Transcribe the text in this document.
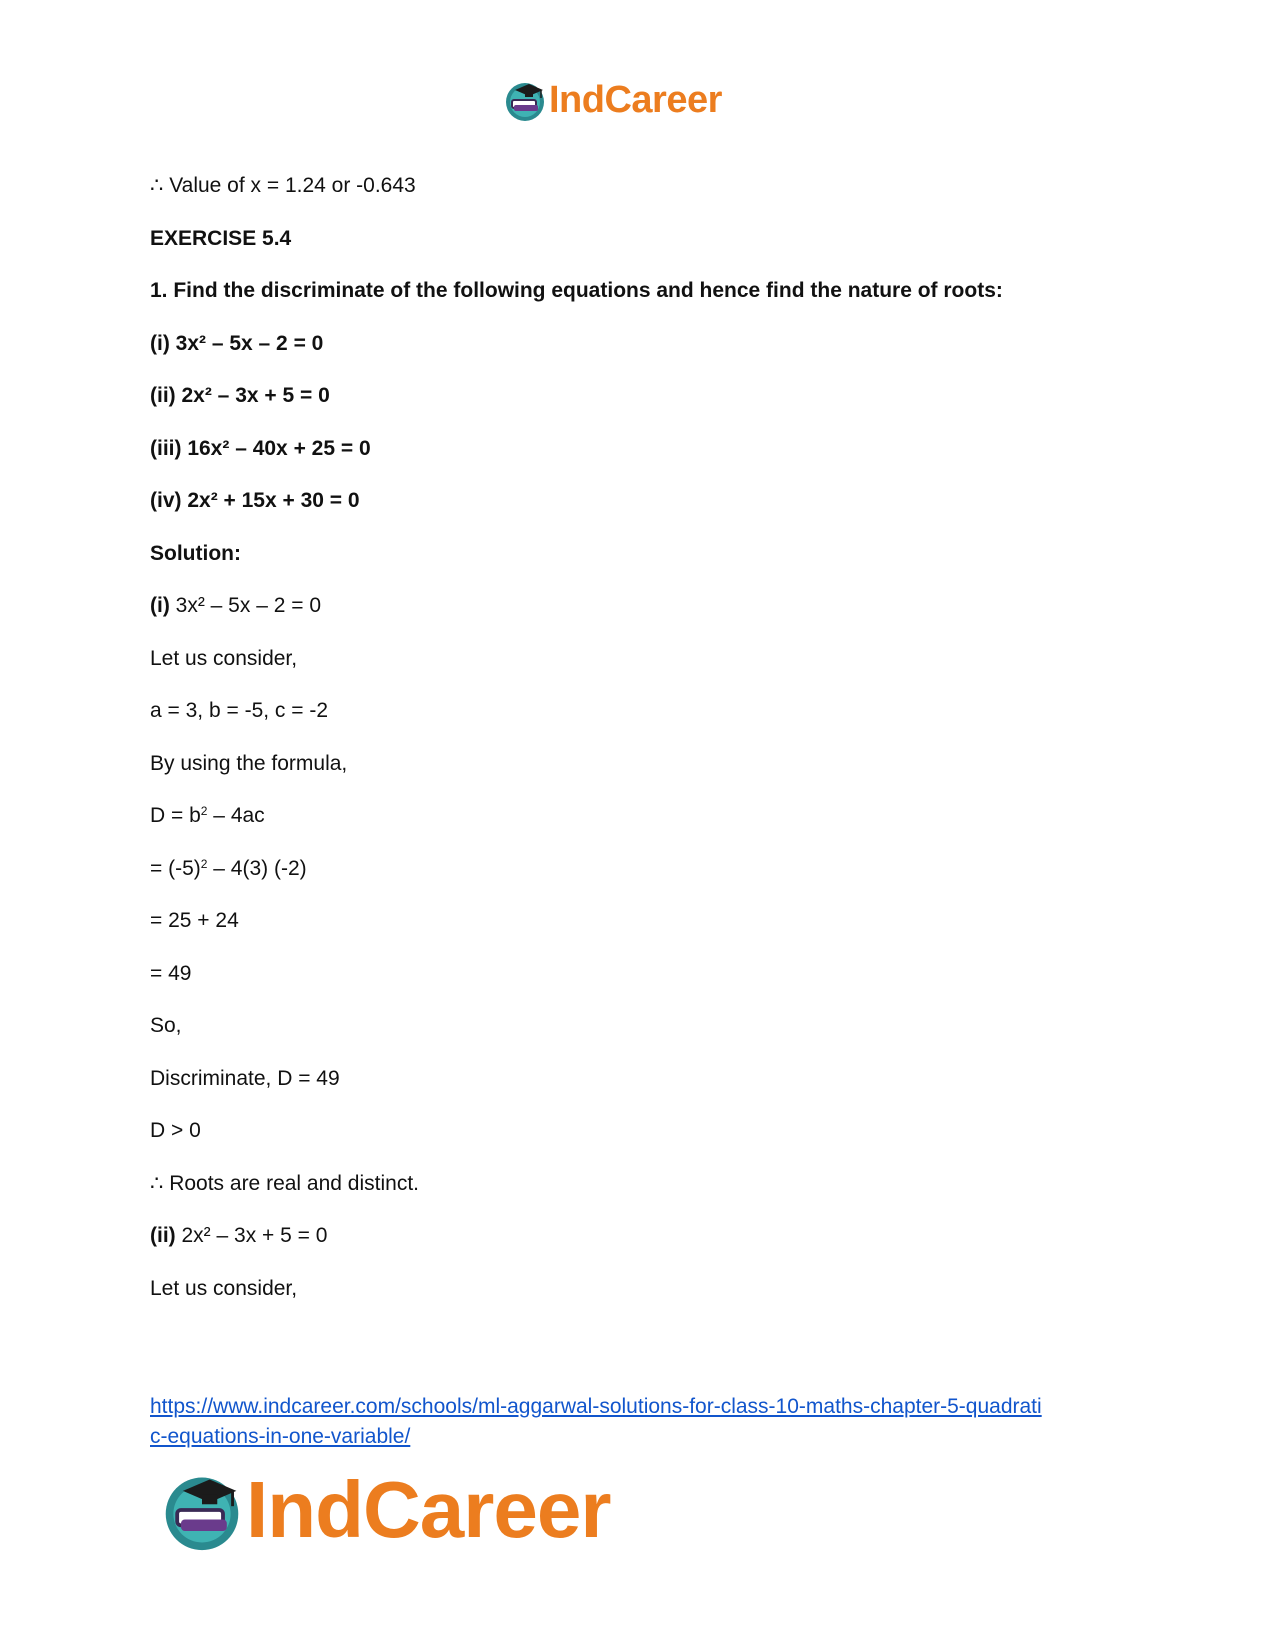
IndCareer
∴ Value of x = 1.24 or -0.643
EXERCISE 5.4
1. Find the discriminate of the following equations and hence find the nature of roots:
(i) 3x² – 5x – 2 = 0
(ii) 2x² – 3x + 5 = 0
(iii) 16x² – 40x + 25 = 0
(iv) 2x² + 15x + 30 = 0
Solution:
(i) 3x² – 5x – 2 = 0
Let us consider,
a = 3, b = -5, c = -2
By using the formula,
$D = b^2 - 4ac$
= $(-5)^2 - 4(3)$ (-2)
= 25 + 24
= 49
So,
Discriminate, D = 49
D > 0
∴ Roots are real and distinct.
(ii) 2x² – 3x + 5 = 0
Let us consider,
https://www.indcareer.com/schools/ml-aggarwal-solutions-for-class-10-maths-chapter-5-quadrati
c-equations-in-one-variable/
IndCareer
